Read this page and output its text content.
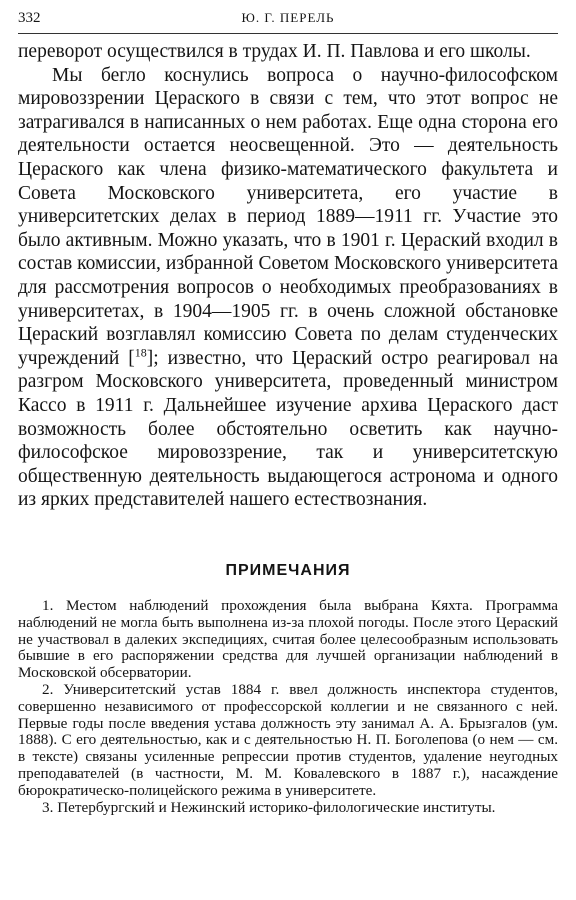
332	Ю. Г. ПЕРЕЛЬ

переворот осуществился в трудах И. П. Павлова и его школы.

Мы бегло коснулись вопроса о научно-философском мировоззрении Цераского в связи с тем, что этот вопрос не затрагивался в написанных о нем работах. Еще одна сторона его деятельности остается неосвещенной. Это — деятельность Цераского как члена физико-математического факультета и Совета Московского университета, его участие в университетских делах в период 1889—1911 гг. Участие это было активным. Можно указать, что в 1901 г. Цераский входил в состав комиссии, избранной Советом Московского университета для рассмотрения вопросов о необходимых преобразованиях в университетах, в 1904—1905 гг. в очень сложной обстановке Цераский возглавлял комиссию Совета по делам студенческих учреждений [$^{18}$]; известно, что Цераский остро реагировал на разгром Московского университета, проведенный министром Кассо в 1911 г. Дальнейшее изучение архива Цераского даст возможность более обстоятельно осветить как научно-философское мировоззрение, так и университетскую общественную деятельность выдающегося астронома и одного из ярких представителей нашего естествознания.

ПРИМЕЧАНИЯ

1. Местом наблюдений прохождения была выбрана Кяхта. Программа наблюдений не могла быть выполнена из-за плохой погоды. После этого Цераский не участвовал в далеких экспедициях, считая более целесообразным использовать бывшие в его распоряжении средства для лучшей организации наблюдений в Московской обсерватории.

2. Университетский устав 1884 г. ввел должность инспектора студентов, совершенно независимого от профессорской коллегии и не связанного с ней. Первые годы после введения устава должность эту занимал А. А. Брызгалов (ум. 1888). С его деятельностью, как и с деятельностью Н. П. Боголепова (о нем — см. в тексте) связаны усиленные репрессии против студентов, удаление неугодных преподавателей (в частности, М. М. Ковалевского в 1887 г.), насаждение бюрократическо-полицейского режима в университете.

3. Петербургский и Нежинский историко-филологические институты.
